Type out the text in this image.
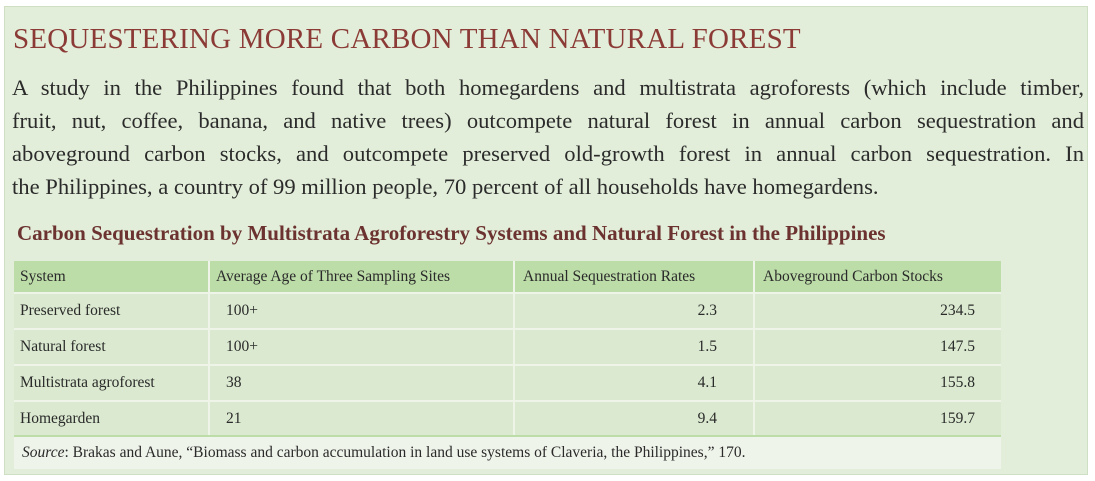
SEQUESTERING MORE CARBON THAN NATURAL FOREST
A study in the Philippines found that both homegardens and multistrata agroforests (which include timber,
fruit, nut, coffee, banana, and native trees) outcompete natural forest in annual carbon sequestration and
aboveground carbon stocks, and outcompete preserved old-growth forest in annual carbon sequestration. In
the Philippines, a country of 99 million people, 70 percent of all households have homegardens.
Carbon Sequestration by Multistrata Agroforestry Systems and Natural Forest in the Philippines
System	Average Age of Three Sampling Sites	Annual Sequestration Rates	Aboveground Carbon Stocks
Preserved forest	100+	2.3	234.5
Natural forest	100+	1.5	147.5
Multistrata agroforest	38	4.1	155.8
Homegarden	21	9.4	159.7
Source : Brakas and Aune, “Biomass and carbon accumulation in land use systems of Claveria, the Philippines,” 170.
